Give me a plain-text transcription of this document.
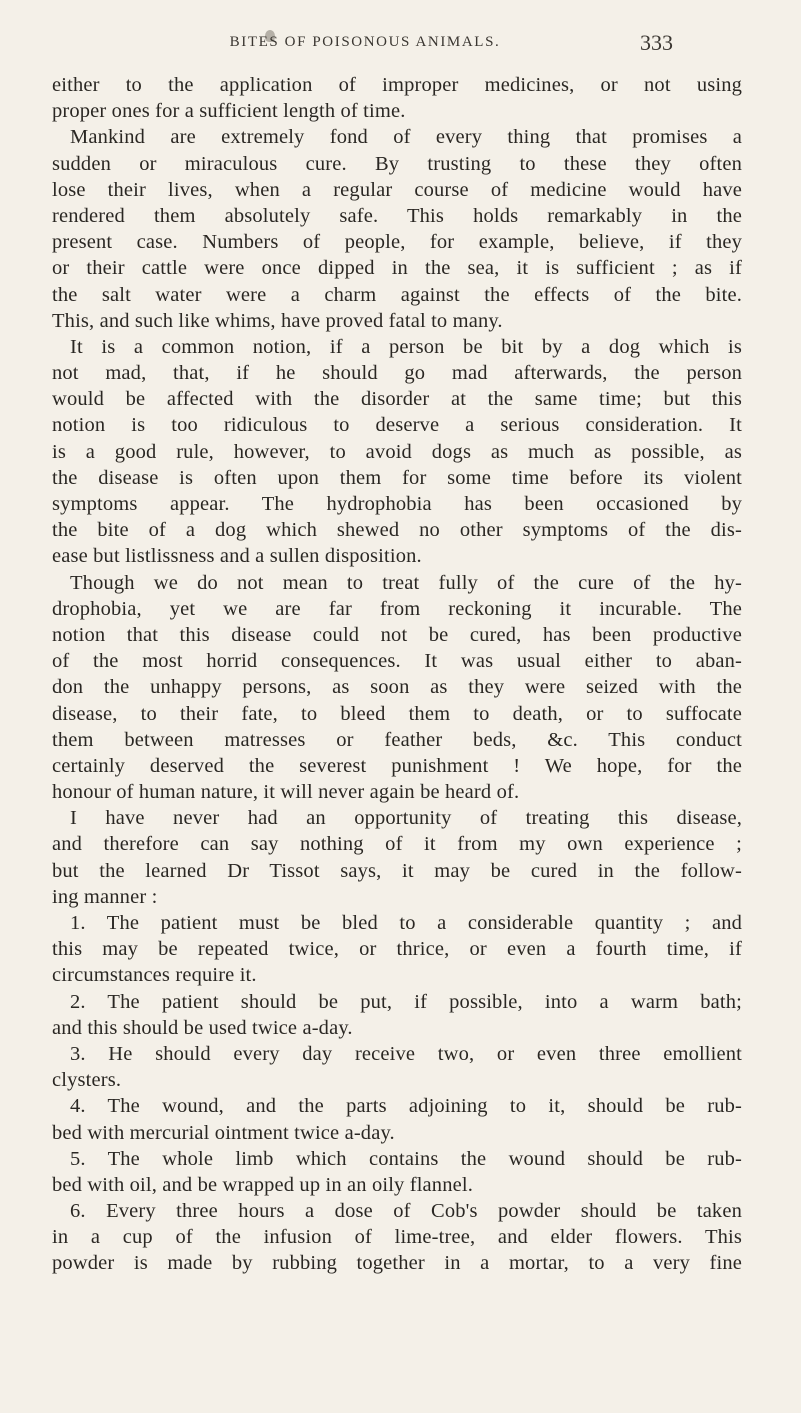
BITES OF POISONOUS ANIMALS.	333
either to the application of improper medicines, or not using
proper ones for a sufficient length of time.
Mankind are extremely fond of every thing that promises a
sudden or miraculous cure. By trusting to these they often
lose their lives, when a regular course of medicine would have
rendered them absolutely safe. This holds remarkably in the
present case. Numbers of people, for example, believe, if they
or their cattle were once dipped in the sea, it is sufficient ; as if
the salt water were a charm against the effects of the bite.
This, and such like whims, have proved fatal to many.
It is a common notion, if a person be bit by a dog which is
not mad, that, if he should go mad afterwards, the person
would be affected with the disorder at the same time; but this
notion is too ridiculous to deserve a serious consideration. It
is a good rule, however, to avoid dogs as much as possible, as
the disease is often upon them for some time before its violent
symptoms appear. The hydrophobia has been occasioned by
the bite of a dog which shewed no other symptoms of the dis-
ease but listlissness and a sullen disposition.
Though we do not mean to treat fully of the cure of the hy-
drophobia, yet we are far from reckoning it incurable. The
notion that this disease could not be cured, has been productive
of the most horrid consequences. It was usual either to aban-
don the unhappy persons, as soon as they were seized with the
disease, to their fate, to bleed them to death, or to suffocate
them between matresses or feather beds, &c. This conduct
certainly deserved the severest punishment ! We hope, for the
honour of human nature, it will never again be heard of.
I have never had an opportunity of treating this disease,
and therefore can say nothing of it from my own experience ;
but the learned Dr Tissot says, it may be cured in the follow-
ing manner :
1. The patient must be bled to a considerable quantity ; and
this may be repeated twice, or thrice, or even a fourth time, if
circumstances require it.
2. The patient should be put, if possible, into a warm bath;
and this should be used twice a-day.
3. He should every day receive two, or even three emollient
clysters.
4. The wound, and the parts adjoining to it, should be rub-
bed with mercurial ointment twice a-day.
5. The whole limb which contains the wound should be rub-
bed with oil, and be wrapped up in an oily flannel.
6. Every three hours a dose of Cob's powder should be taken
in a cup of the infusion of lime-tree, and elder flowers. This
powder is made by rubbing together in a mortar, to a very fine
